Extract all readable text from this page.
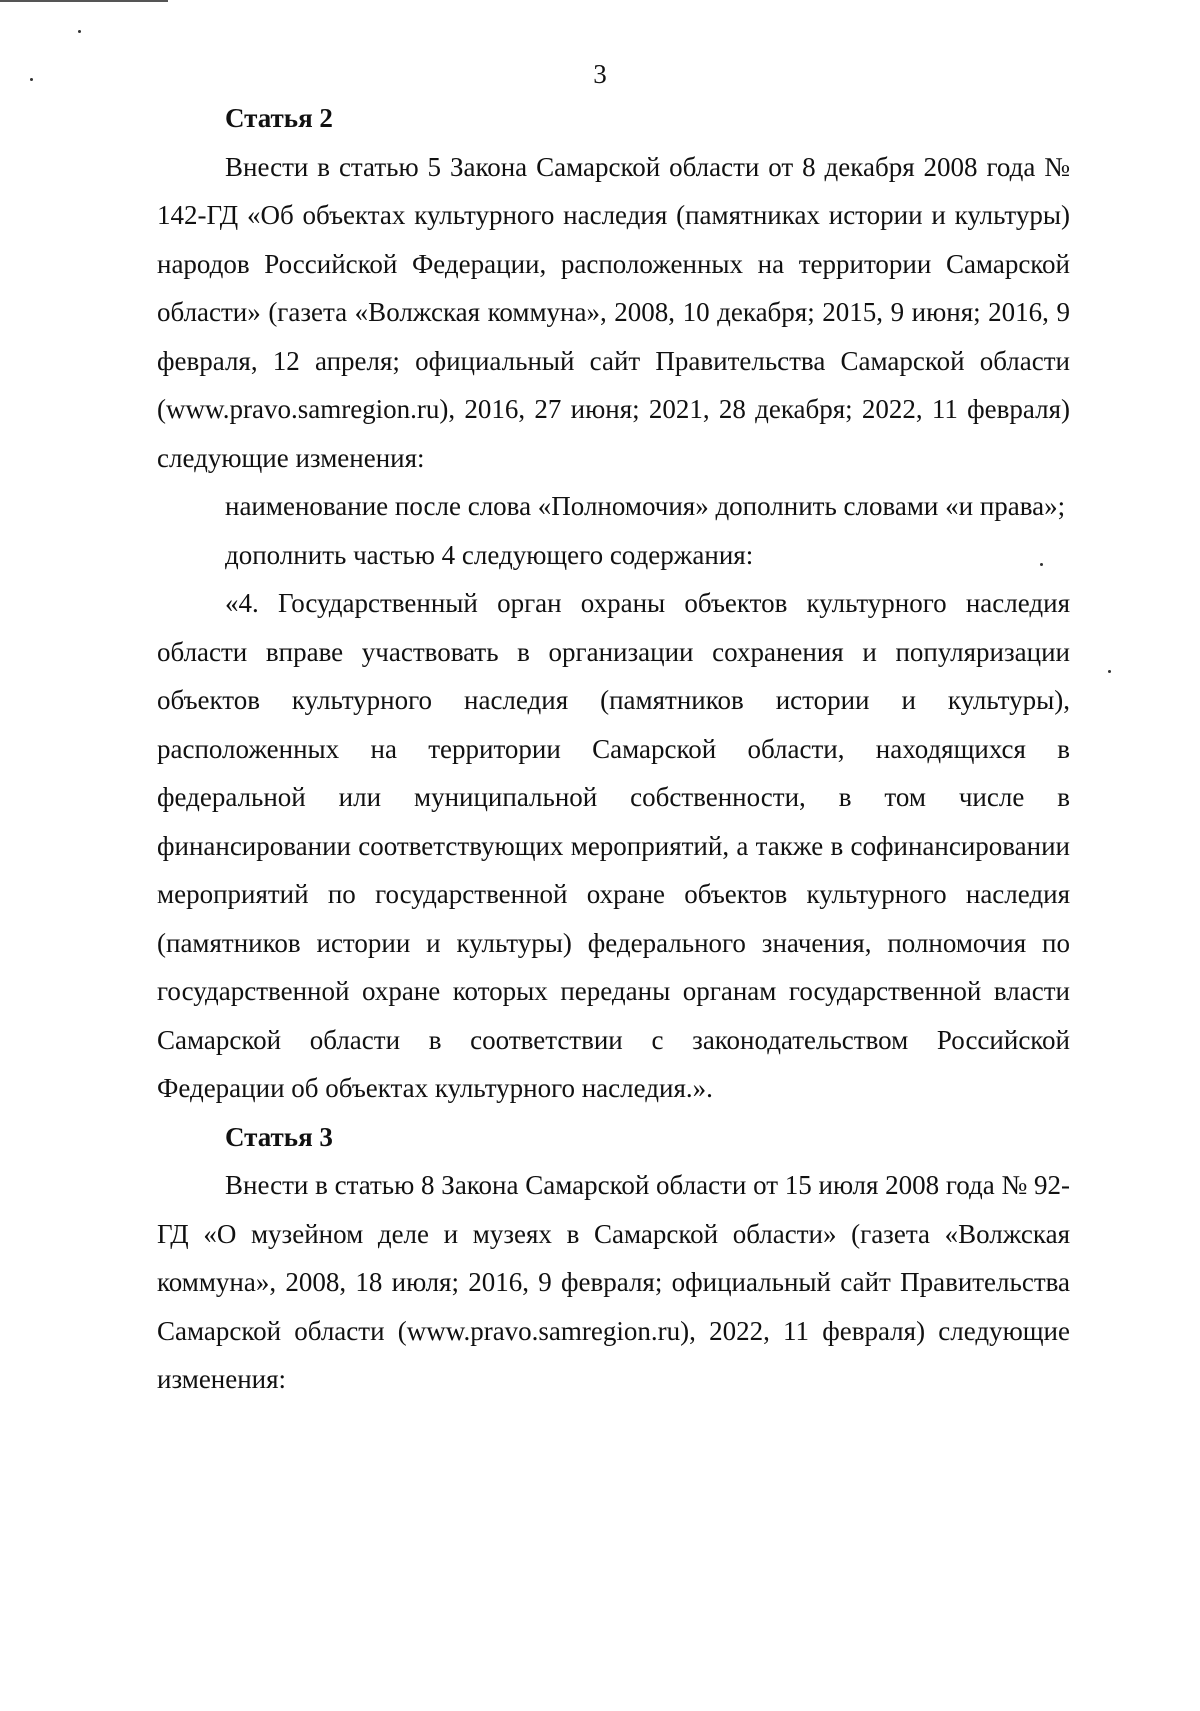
3

Статья 2

Внести в статью 5 Закона Самарской области от 8 декабря 2008 года № 142-ГД «Об объектах культурного наследия (памятниках истории и культуры) народов Российской Федерации, расположенных на территории Самарской области» (газета «Волжская коммуна», 2008, 10 декабря; 2015, 9 июня; 2016, 9 февраля, 12 апреля; официальный сайт Правительства Самарской области (www.pravo.samregion.ru), 2016, 27 июня; 2021, 28 декабря; 2022, 11 февраля) следующие изменения:

наименование после слова «Полномочия» дополнить словами «и права»;

дополнить частью 4 следующего содержания:

«4. Государственный орган охраны объектов культурного наследия области вправе участвовать в организации сохранения и популяризации объектов культурного наследия (памятников истории и культуры), расположенных на территории Самарской области, находящихся в федеральной или муниципальной собственности, в том числе в финансировании соответствующих мероприятий, а также в софинансировании мероприятий по государственной охране объектов культурного наследия (памятников истории и культуры) федерального значения, полномочия по государственной охране которых переданы органам государственной власти Самарской области в соответствии с законодательством Российской Федерации об объектах культурного наследия.».

Статья 3

Внести в статью 8 Закона Самарской области от 15 июля 2008 года № 92-ГД «О музейном деле и музеях в Самарской области» (газета «Волжская коммуна», 2008, 18 июля; 2016, 9 февраля; официальный сайт Правительства Самарской области (www.pravo.samregion.ru), 2022, 11 февраля) следующие изменения:
